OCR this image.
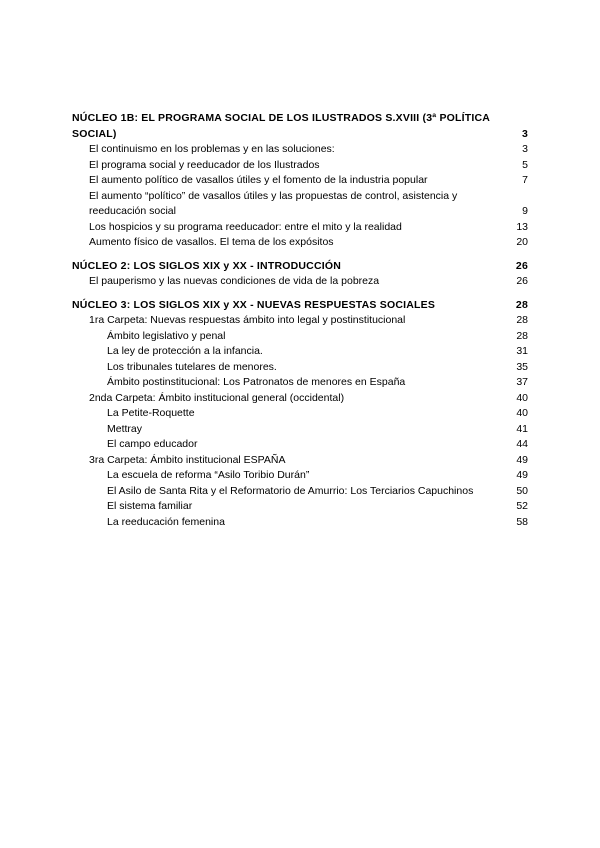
NÚCLEO 1B: EL PROGRAMA SOCIAL DE LOS ILUSTRADOS S.XVIII (3ª POLÍTICA SOCIAL)	3
El continuismo en los problemas y en las soluciones:	3
El programa social y reeducador de los Ilustrados	5
El aumento político de vasallos útiles y el fomento de la industria popular	7
El aumento “político” de vasallos útiles y las propuestas de control, asistencia y reeducación social	9
Los hospicios y su programa reeducador: entre el mito y la realidad	13
Aumento físico de vasallos. El tema de los expósitos	20
NÚCLEO 2: LOS SIGLOS XIX y XX - INTRODUCCIÓN	26
El pauperismo y las nuevas condiciones de vida de la pobreza	26
NÚCLEO 3: LOS SIGLOS XIX y XX - NUEVAS RESPUESTAS SOCIALES	28
1ra Carpeta: Nuevas respuestas ámbito into legal y postinstitucional	28
Ámbito legislativo y penal	28
La ley de protección a la infancia.	31
Los tribunales tutelares de menores.	35
Ámbito postinstitucional: Los Patronatos de menores en España	37
2nda Carpeta: Ámbito institucional general (occidental)	40
La Petite-Roquette	40
Mettray	41
El campo educador	44
3ra Carpeta: Ámbito institucional ESPAÑA	49
La escuela de reforma “Asilo Toribio Durán”	49
El Asilo de Santa Rita y el Reformatorio de Amurrio: Los Terciarios Capuchinos	50
El sistema familiar	52
La reeducación femenina	58
